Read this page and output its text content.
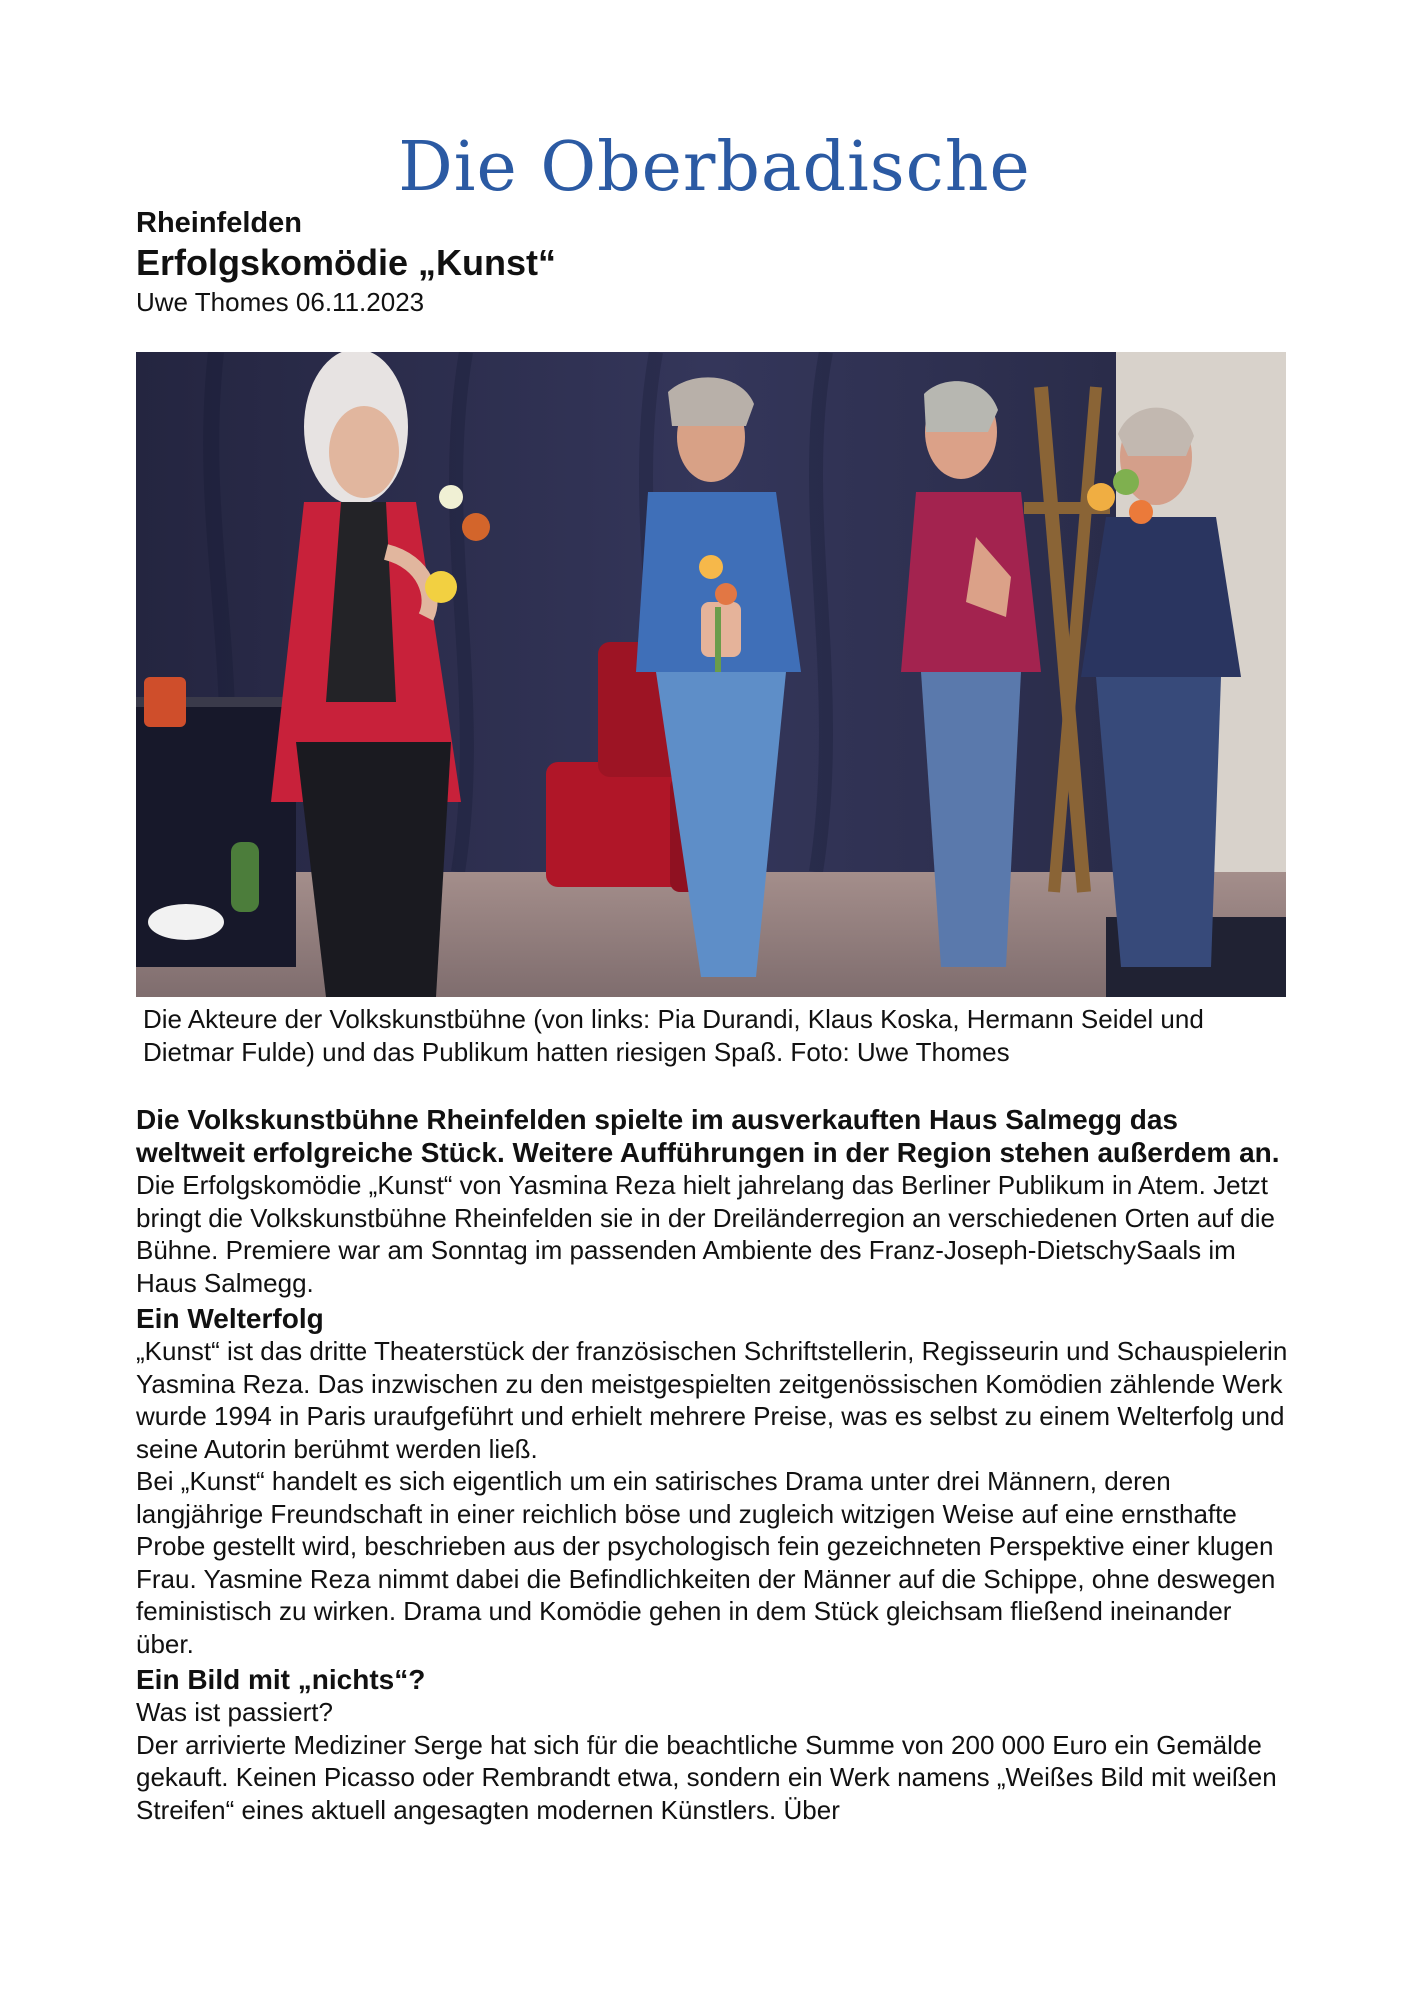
Die Oberbadische
Rheinfelden
Erfolgskomödie „Kunst“
Uwe Thomes 06.11.2023

Die Akteure der Volkskunstbühne (von links: Pia Durandi, Klaus Koska, Hermann Seidel und Dietmar Fulde) und das Publikum hatten riesigen Spaß. Foto: Uwe Thomes

Die Volkskunstbühne Rheinfelden spielte im ausverkauften Haus Salmegg das weltweit erfolgreiche Stück. Weitere Aufführungen in der Region stehen außerdem an.

Die Erfolgskomödie „Kunst“ von Yasmina Reza hielt jahrelang das Berliner Publikum in Atem. Jetzt bringt die Volkskunstbühne Rheinfelden sie in der Dreiländerregion an verschiedenen Orten auf die Bühne. Premiere war am Sonntag im passenden Ambiente des Franz-Joseph-DietschySaals im Haus Salmegg.

Ein Welterfolg

„Kunst“ ist das dritte Theaterstück der französischen Schriftstellerin, Regisseurin und Schauspielerin Yasmina Reza. Das inzwischen zu den meistgespielten zeitgenössischen Komödien zählende Werk wurde 1994 in Paris uraufgeführt und erhielt mehrere Preise, was es selbst zu einem Welterfolg und seine Autorin berühmt werden ließ.

Bei „Kunst“ handelt es sich eigentlich um ein satirisches Drama unter drei Männern, deren langjährige Freundschaft in einer reichlich böse und zugleich witzigen Weise auf eine ernsthafte Probe gestellt wird, beschrieben aus der psychologisch fein gezeichneten Perspektive einer klugen Frau. Yasmine Reza nimmt dabei die Befindlichkeiten der Männer auf die Schippe, ohne deswegen feministisch zu wirken. Drama und Komödie gehen in dem Stück gleichsam fließend ineinander über.

Ein Bild mit „nichts“?

Was ist passiert?

Der arrivierte Mediziner Serge hat sich für die beachtliche Summe von 200 000 Euro ein Gemälde gekauft. Keinen Picasso oder Rembrandt etwa, sondern ein Werk namens „Weißes Bild mit weißen Streifen“ eines aktuell angesagten modernen Künstlers. Über
